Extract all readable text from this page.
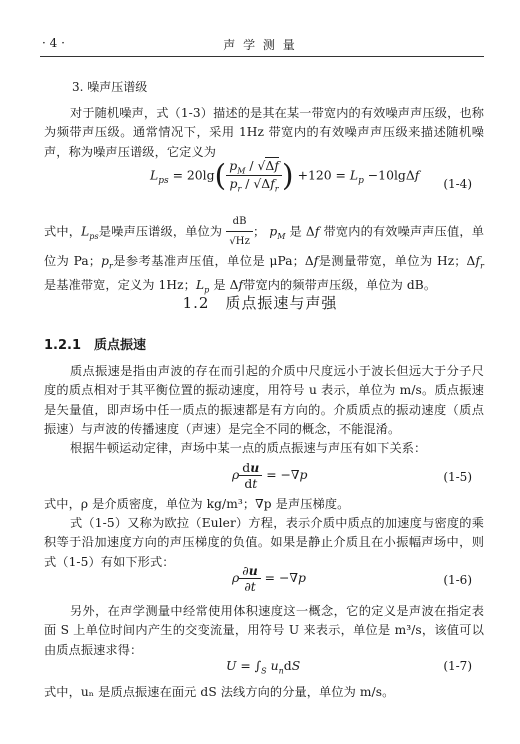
· 4 ·	声 学 测 量
3. 噪声压谱级
对于随机噪声，式（1-3）描述的是其在某一带宽内的有效噪声声压级，也称为频带声压级。通常情况下，采用 1Hz 带宽内的有效噪声声压级来描述随机噪声，称为噪声压谱级，它定义为
$L_{ps} = 20\lg( \frac{p_M / √\Delta f}{p_r / √\Delta f_r}$ ) $+120 = L_p -10\lg\Delta f$
(1-4)
式中，$L_{ps}$是噪声压谱级，单位为 $\frac{dB}{√Hz}$ ； $p_M$ 是 Δf 带宽内的有效噪声声压值，单位为 Pa；$p_r$是参考基准声压值，单位是 μPa；Δf是测量带宽，单位为 Hz；$\Delta f_r$是基准带宽，定义为 1Hz；$L_p$ 是 Δf带宽内的频带声压级，单位为 dB。
1.2　质点振速与声强
1.2.1　质点振速
质点振速是指由声波的存在而引起的介质中尺度远小于波长但远大于分子尺度的质点相对于其平衡位置的振动速度，用符号 u 表示，单位为 m/s。质点振速是矢量值，即声场中任一质点的振速都是有方向的。介质质点的振动速度（质点振速）与声波的传播速度（声速）是完全不同的概念，不能混淆。
根据牛顿运动定律，声场中某一点的质点振速与声压有如下关系：
ρ $\frac{du}{dt} = -\nabla p$	(1-5)
式中，ρ 是介质密度，单位为 kg/m³；∇p 是声压梯度。
式（1-5）又称为欧拉（Euler）方程，表示介质中质点的加速度与密度的乘积等于沿加速度方向的声压梯度的负值。如果是静止介质且在小振幅声场中，则式（1-5）有如下形式：
ρ $\frac{\partial u}{\partial t} = -\nabla p$	(1-6)
另外，在声学测量中经常使用体积速度这一概念，它的定义是声波在指定表面 S 上单位时间内产生的交变流量，用符号 U 来表示，单位是 m³/s，该值可以由质点振速求得：
$U = \int_S$ $u_ndS$	(1-7)
式中，uₙ 是质点振速在面元 dS 法线方向的分量，单位为 m/s。
